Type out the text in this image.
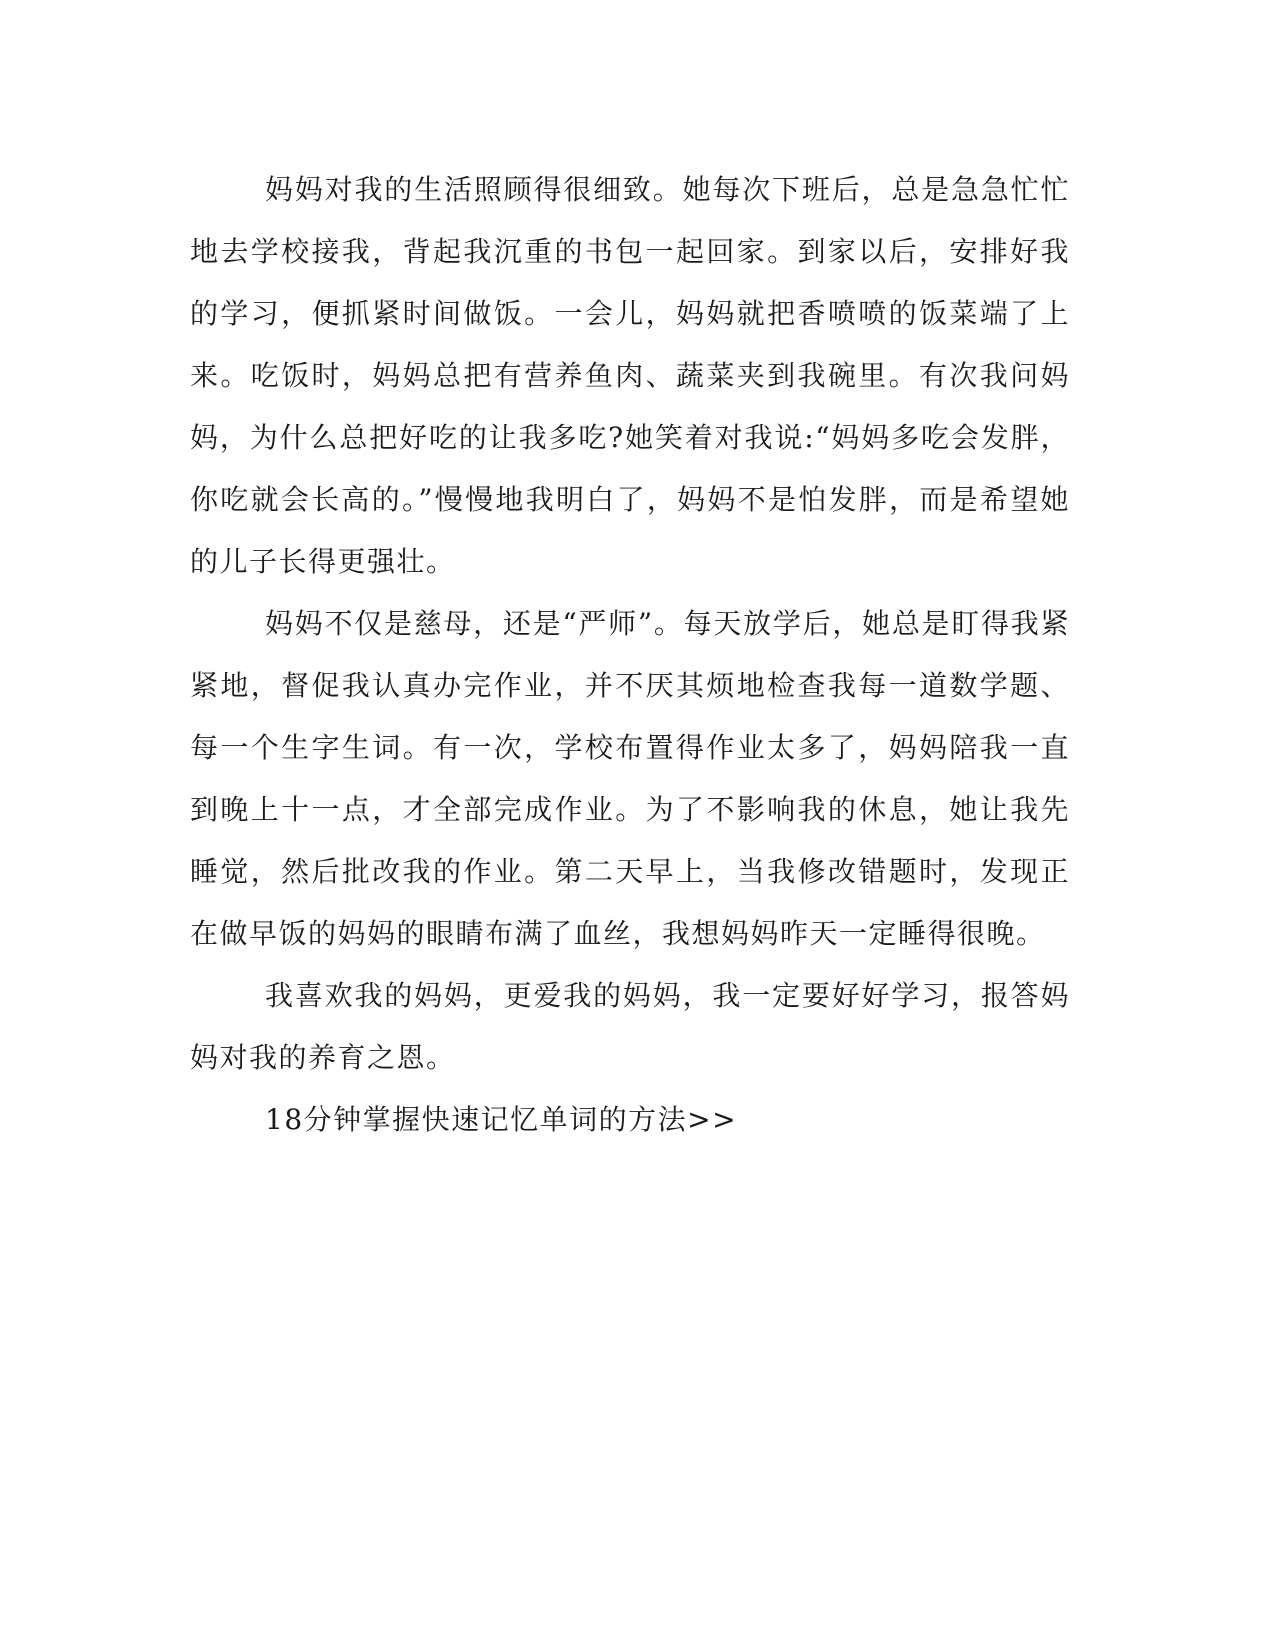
妈妈对我的生活照顾得很细致。她每次下班后，总是急急忙忙地去学校接我，背起我沉重的书包一起回家。到家以后，安排好我的学习，便抓紧时间做饭。一会儿，妈妈就把香喷喷的饭菜端了上来。吃饭时，妈妈总把有营养鱼肉、蔬菜夹到我碗里。有次我问妈妈，为什么总把好吃的让我多吃?她笑着对我说:“妈妈多吃会发胖，你吃就会长高的。”慢慢地我明白了，妈妈不是怕发胖，而是希望她的儿子长得更强壮。

妈妈不仅是慈母，还是“严师”。每天放学后，她总是盯得我紧紧地，督促我认真办完作业，并不厌其烦地检查我每一道数学题、每一个生字生词。有一次，学校布置得作业太多了，妈妈陪我一直到晚上十一点，才全部完成作业。为了不影响我的休息，她让我先睡觉，然后批改我的作业。第二天早上，当我修改错题时，发现正在做早饭的妈妈的眼睛布满了血丝，我想妈妈昨天一定睡得很晚。

我喜欢我的妈妈，更爱我的妈妈，我一定要好好学习，报答妈妈对我的养育之恩。

18分钟掌握快速记忆单词的方法>>
